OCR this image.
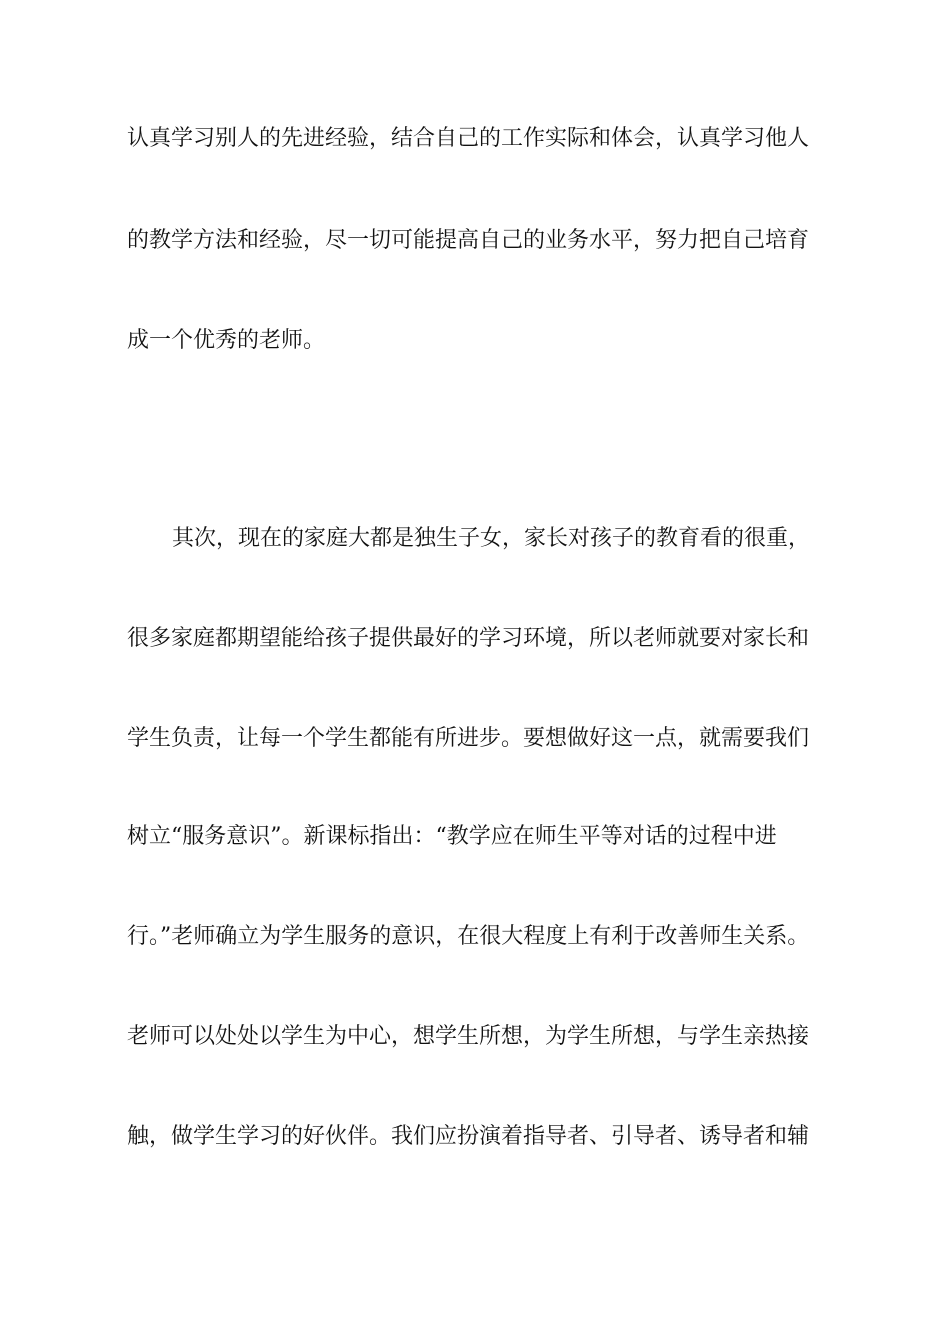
认真学习别人的先进经验，结合自己的工作实际和体会，认真学习他人
的教学方法和经验，尽一切可能提高自己的业务水平，努力把自己培育
成一个优秀的老师。
其次，现在的家庭大都是独生子女，家长对孩子的教育看的很重，
很多家庭都期望能给孩子提供最好的学习环境，所以老师就要对家长和
学生负责，让每一个学生都能有所进步。要想做好这一点，就需要我们
树立“服务意识”。新课标指出：“教学应在师生平等对话的过程中进
行。”老师确立为学生服务的意识，在很大程度上有利于改善师生关系。
老师可以处处以学生为中心，想学生所想，为学生所想，与学生亲热接
触，做学生学习的好伙伴。我们应扮演着指导者、引导者、诱导者和辅
